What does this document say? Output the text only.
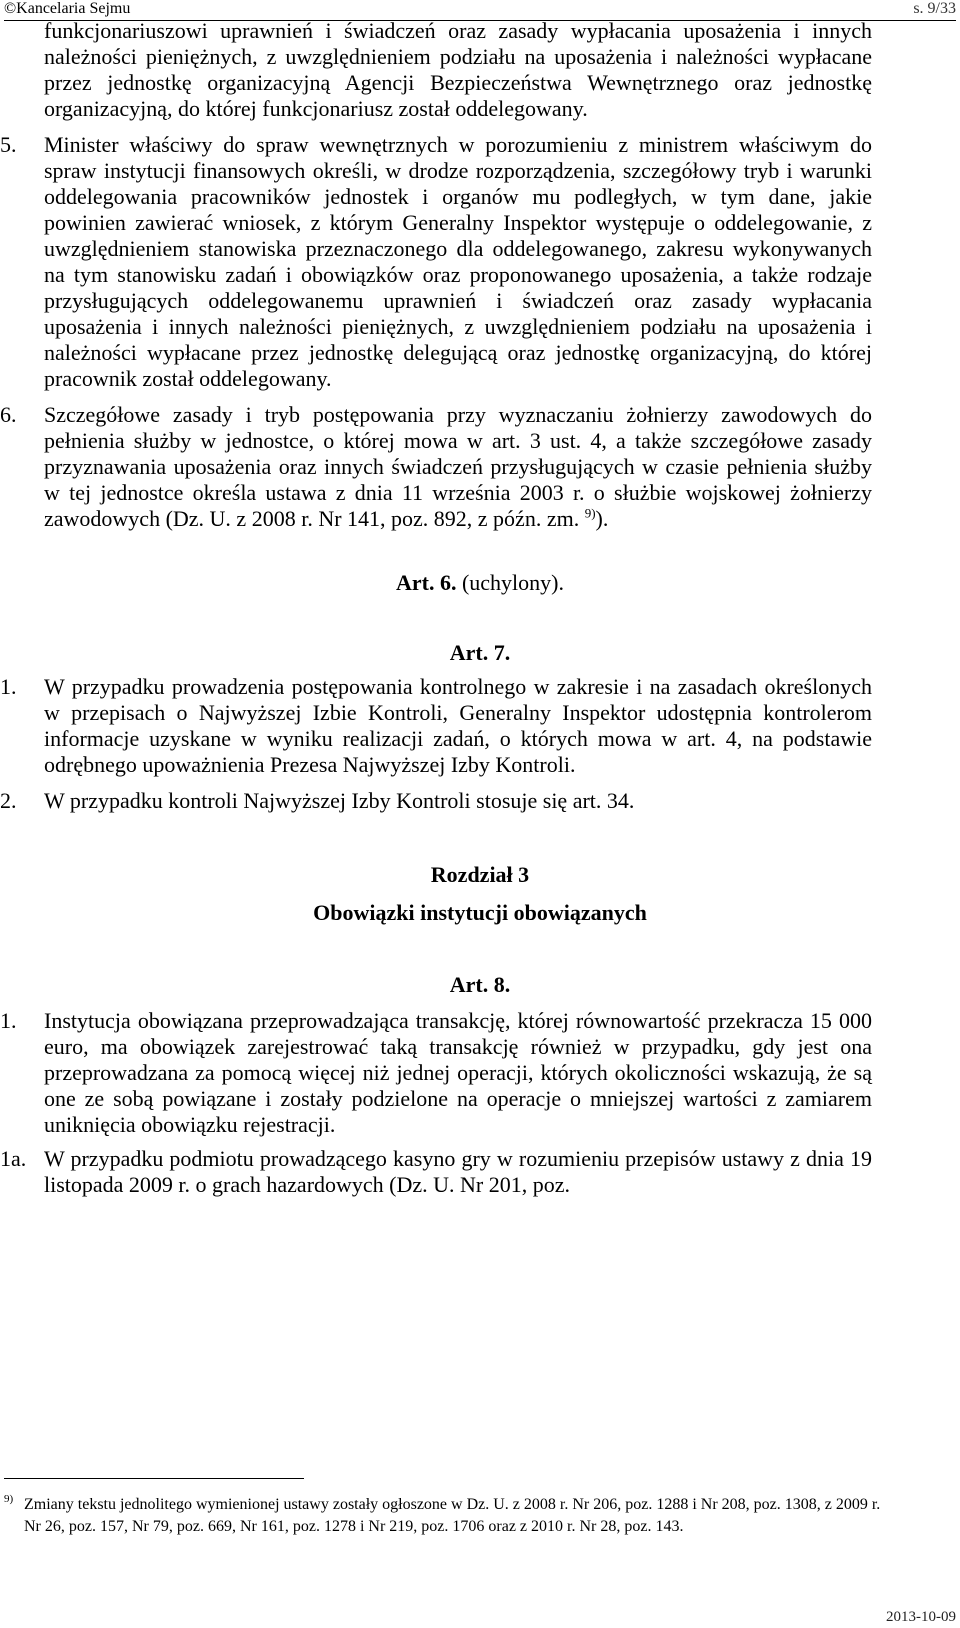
©Kancelaria Sejmu	s. 9/33

funkcjonariuszowi uprawnień i świadczeń oraz zasady wypłacania uposażenia i innych należności pieniężnych, z uwzględnieniem podziału na uposażenia i należności wypłacane przez jednostkę organizacyjną Agencji Bezpieczeństwa Wewnętrznego oraz jednostkę organizacyjną, do której funkcjonariusz został oddelegowany.

5.	Minister właściwy do spraw wewnętrznych w porozumieniu z ministrem właściwym do spraw instytucji finansowych określi, w drodze rozporządzenia, szczegółowy tryb i warunki oddelegowania pracowników jednostek i organów mu podległych, w tym dane, jakie powinien zawierać wniosek, z którym Generalny Inspektor występuje o oddelegowanie, z uwzględnieniem stanowiska przeznaczonego dla oddelegowanego, zakresu wykonywanych na tym stanowisku zadań i obowiązków oraz proponowanego uposażenia, a także rodzaje przysługujących oddelegowanemu uprawnień i świadczeń oraz zasady wypłacania uposażenia i innych należności pieniężnych, z uwzględnieniem podziału na uposażenia i należności wypłacane przez jednostkę delegującą oraz jednostkę organizacyjną, do której pracownik został oddelegowany.
6.	Szczegółowe zasady i tryb postępowania przy wyznaczaniu żołnierzy zawodowych do pełnienia służby w jednostce, o której mowa w art. 3 ust. 4, a także szczegółowe zasady przyznawania uposażenia oraz innych świadczeń przysługujących w czasie pełnienia służby w tej jednostce określa ustawa z dnia 11 września 2003 r. o służbie wojskowej żołnierzy zawodowych (Dz. U. z 2008 r. Nr 141, poz. 892, z późn. zm. $^{9)}$).

Art. 6. (uchylony).

Art. 7.

1.	W przypadku prowadzenia postępowania kontrolnego w zakresie i na zasadach określonych w przepisach o Najwyższej Izbie Kontroli, Generalny Inspektor udostępnia kontrolerom informacje uzyskane w wyniku realizacji zadań, o których mowa w art. 4, na podstawie odrębnego upoważnienia Prezesa Najwyższej Izby Kontroli.
2.	W przypadku kontroli Najwyższej Izby Kontroli stosuje się art. 34.

Rozdział 3

Obowiązki instytucji obowiązanych

Art. 8.

1.	Instytucja obowiązana przeprowadzająca transakcję, której równowartość przekracza 15 000 euro, ma obowiązek zarejestrować taką transakcję również w przypadku, gdy jest ona przeprowadzana za pomocą więcej niż jednej operacji, których okoliczności wskazują, że są one ze sobą powiązane i zostały podzielone na operacje o mniejszej wartości z zamiarem uniknięcia obowiązku rejestracji.
1a. W przypadku podmiotu prowadzącego kasyno gry w rozumieniu przepisów ustawy z dnia 19 listopada 2009 r. o grach hazardowych (Dz. U. Nr 201, poz.
9) Zmiany tekstu jednolitego wymienionej ustawy zostały ogłoszone w Dz. U. z 2008 r. Nr 206, poz. 1288 i Nr 208, poz. 1308, z 2009 r. Nr 26, poz. 157, Nr 79, poz. 669, Nr 161, poz. 1278 i Nr 219, poz. 1706 oraz z 2010 r. Nr 28, poz. 143.
2013-10-09
